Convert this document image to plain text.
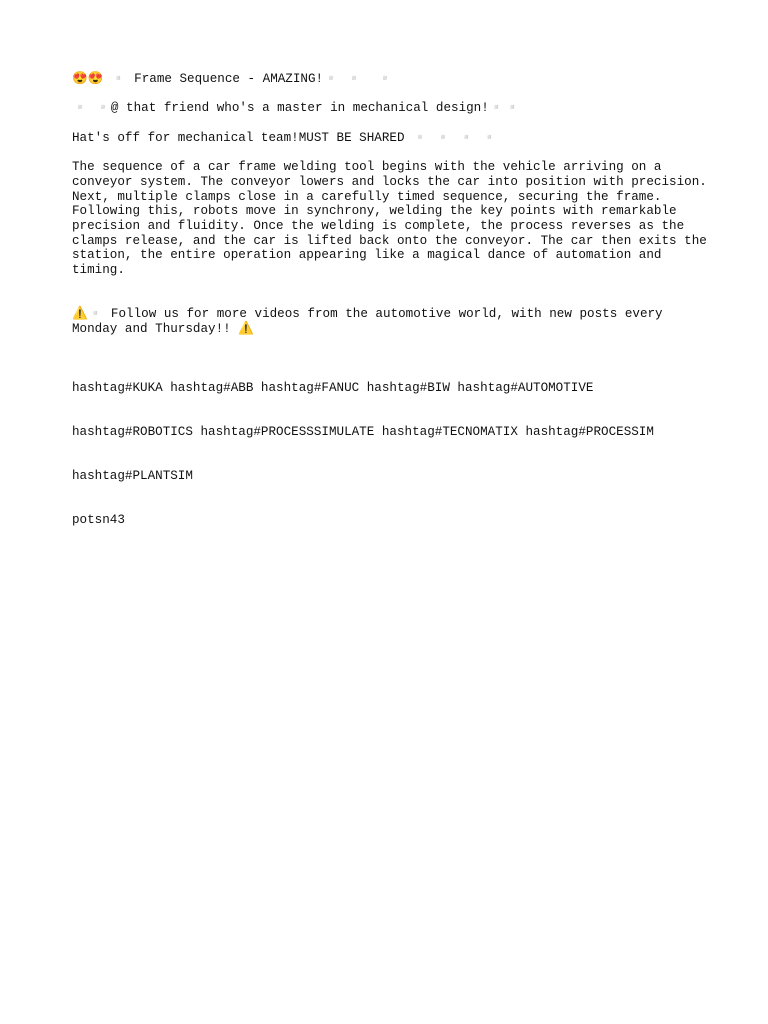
😍😍 ▫️ Frame Sequence - AMAZING!▫️ ▫️  ▫️

▫️ ▫️@ that friend who's a master in mechanical design!▫️▫️

Hat's off for mechanical team!MUST BE SHARED ▫️ ▫️ ▫️ ▫️

The sequence of a car frame welding tool begins with the vehicle arriving on a conveyor system. The conveyor lowers and locks the car into position with precision. Next, multiple clamps close in a carefully timed sequence, securing the frame. Following this, robots move in synchrony, welding the key points with remarkable precision and fluidity. Once the welding is complete, the process reverses as the clamps release, and the car is lifted back onto the conveyor. The car then exits the station, the entire operation appearing like a magical dance of automation and timing.

⚠️▫️ Follow us for more videos from the automotive world, with new posts every Monday and Thursday!! ⚠️

hashtag#KUKA hashtag#ABB hashtag#FANUC hashtag#BIW hashtag#AUTOMOTIVE

hashtag#ROBOTICS hashtag#PROCESSSIMULATE hashtag#TECNOMATIX hashtag#PROCESSIM

hashtag#PLANTSIM

potsn43
